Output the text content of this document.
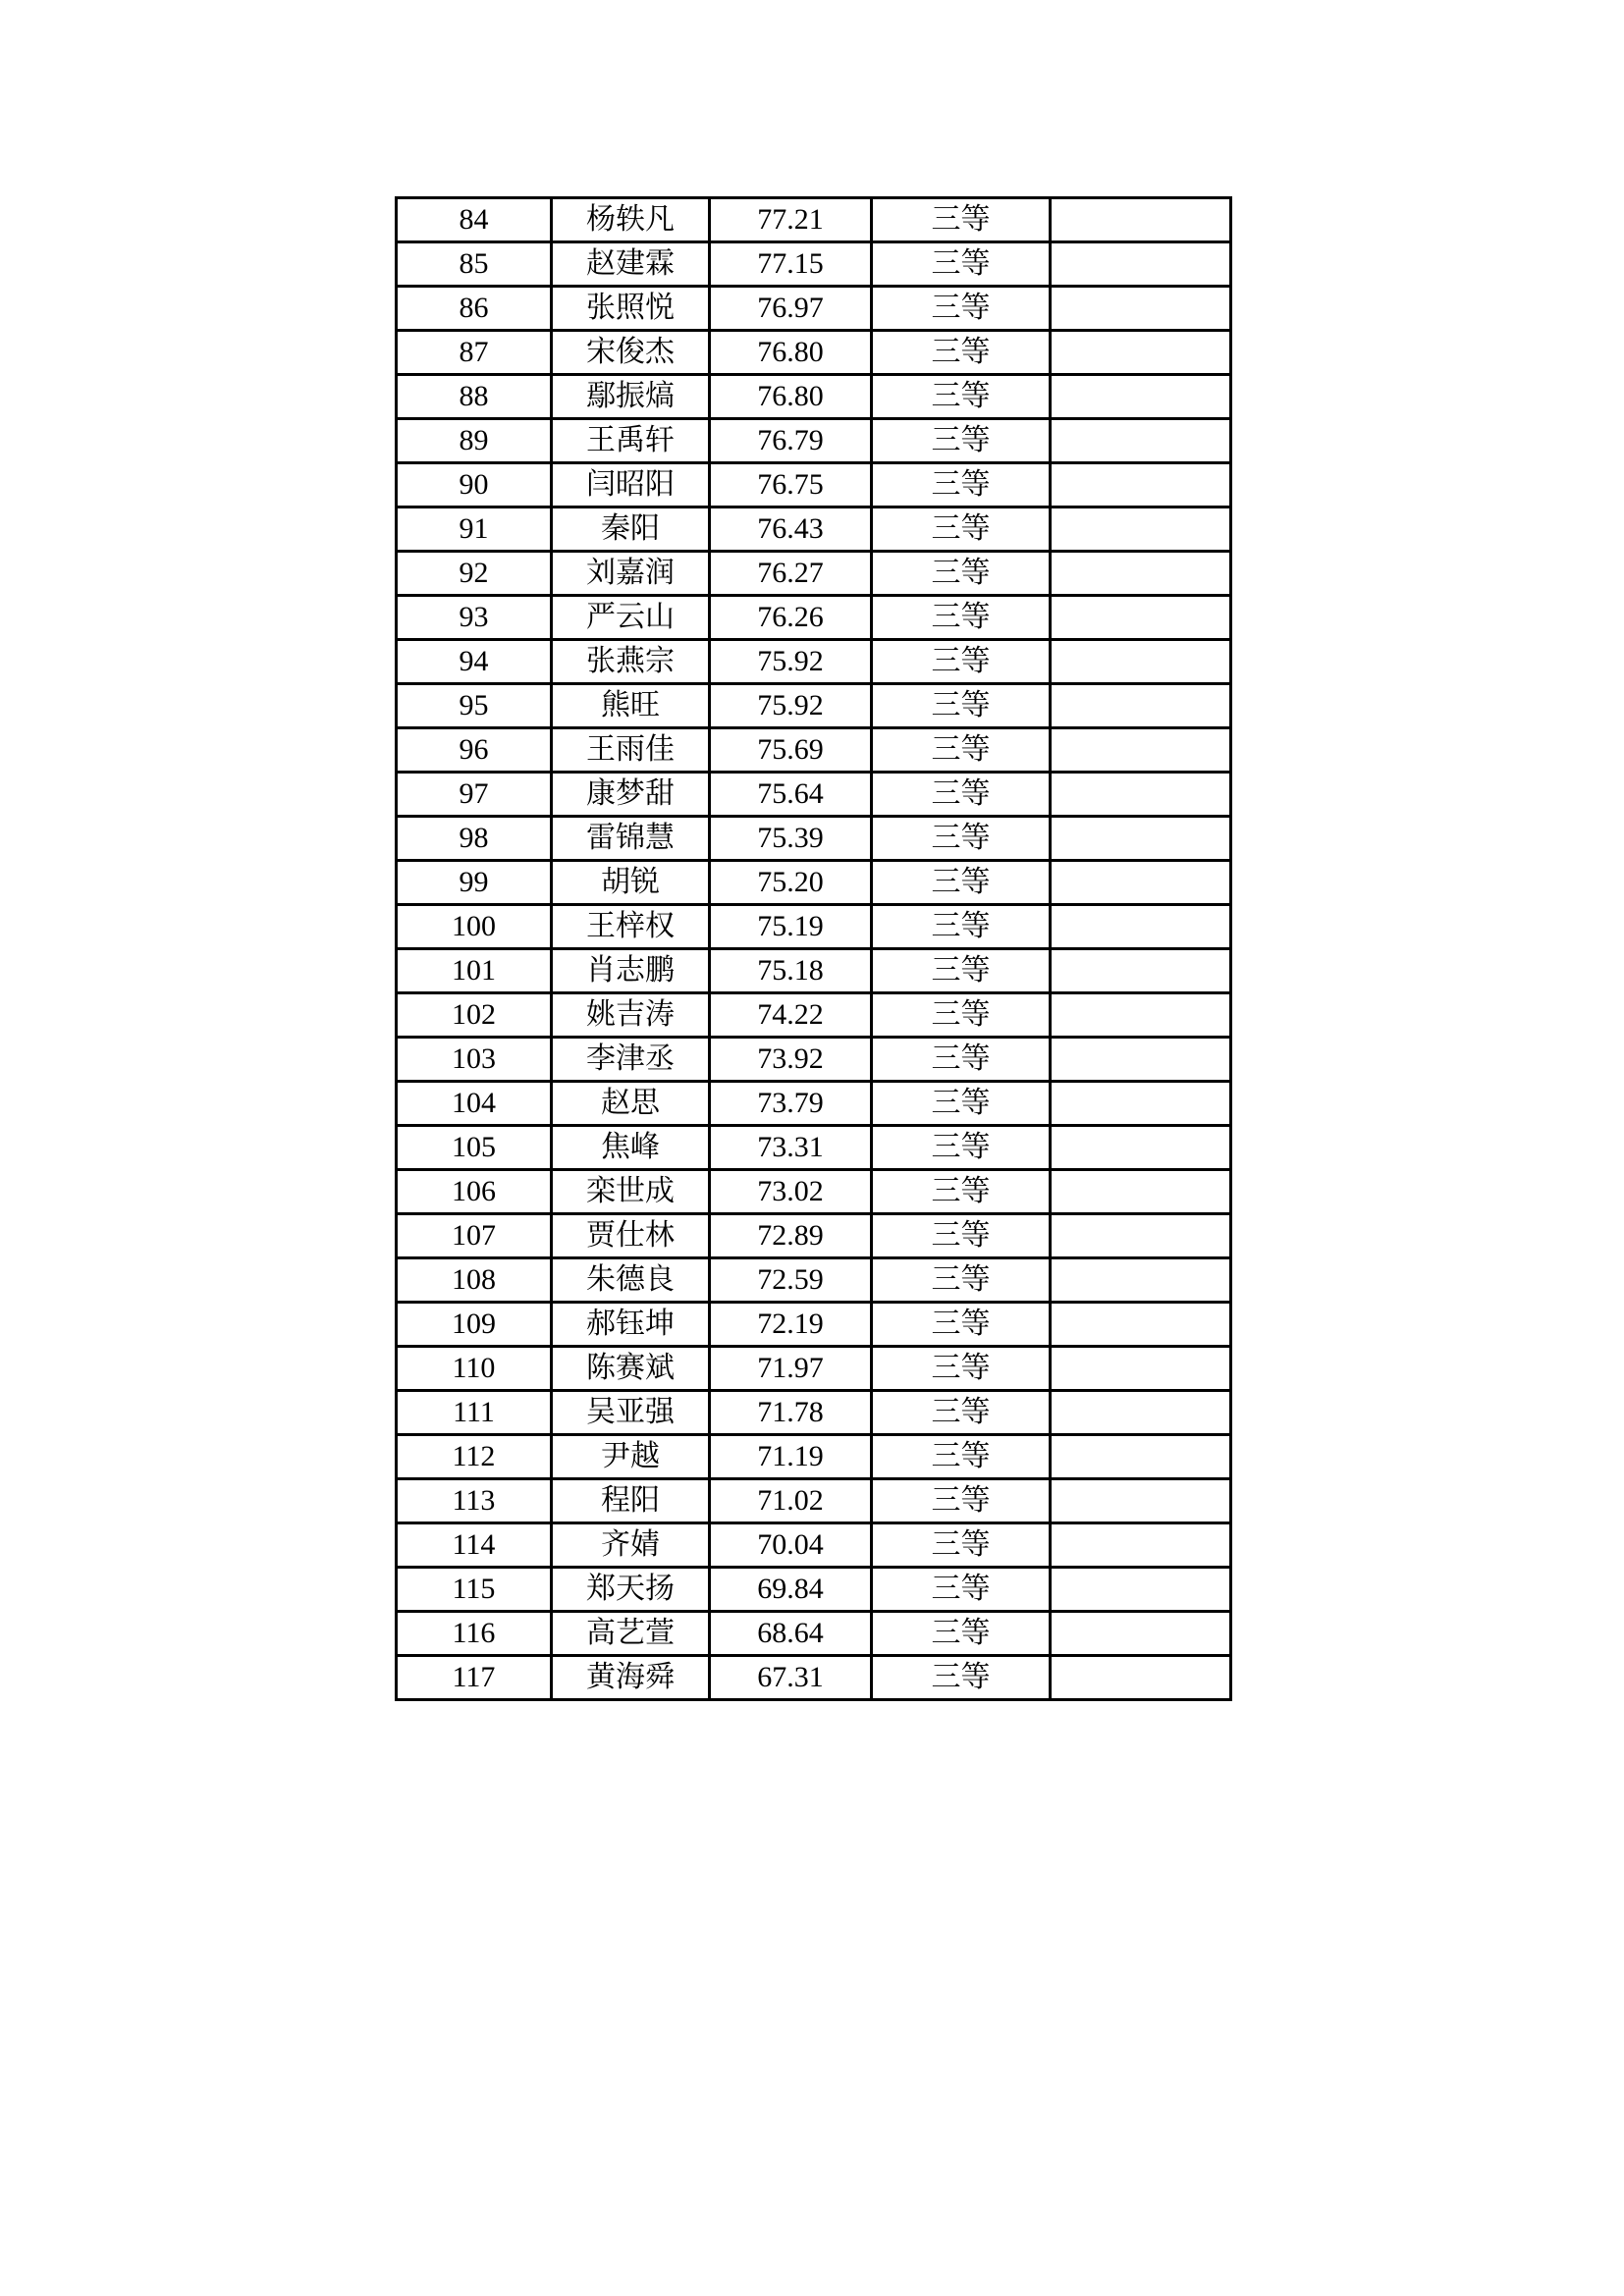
84	杨轶凡	77.21	三等	
85	赵建霖	77.15	三等	
86	张照悦	76.97	三等	
87	宋俊杰	76.80	三等	
88	鄢振熇	76.80	三等	
89	王禹轩	76.79	三等	
90	闫昭阳	76.75	三等	
91	秦阳	76.43	三等	
92	刘嘉润	76.27	三等	
93	严云山	76.26	三等	
94	张燕宗	75.92	三等	
95	熊旺	75.92	三等	
96	王雨佳	75.69	三等	
97	康梦甜	75.64	三等	
98	雷锦慧	75.39	三等	
99	胡锐	75.20	三等	
100	王梓权	75.19	三等	
101	肖志鹏	75.18	三等	
102	姚吉涛	74.22	三等	
103	李津丞	73.92	三等	
104	赵思	73.79	三等	
105	焦峰	73.31	三等	
106	栾世成	73.02	三等	
107	贾仕林	72.89	三等	
108	朱德良	72.59	三等	
109	郝钰坤	72.19	三等	
110	陈赛斌	71.97	三等	
111	吴亚强	71.78	三等	
112	尹越	71.19	三等	
113	程阳	71.02	三等	
114	齐婧	70.04	三等	
115	郑天扬	69.84	三等	
116	高艺萱	68.64	三等	
117	黄海舜	67.31	三等	
